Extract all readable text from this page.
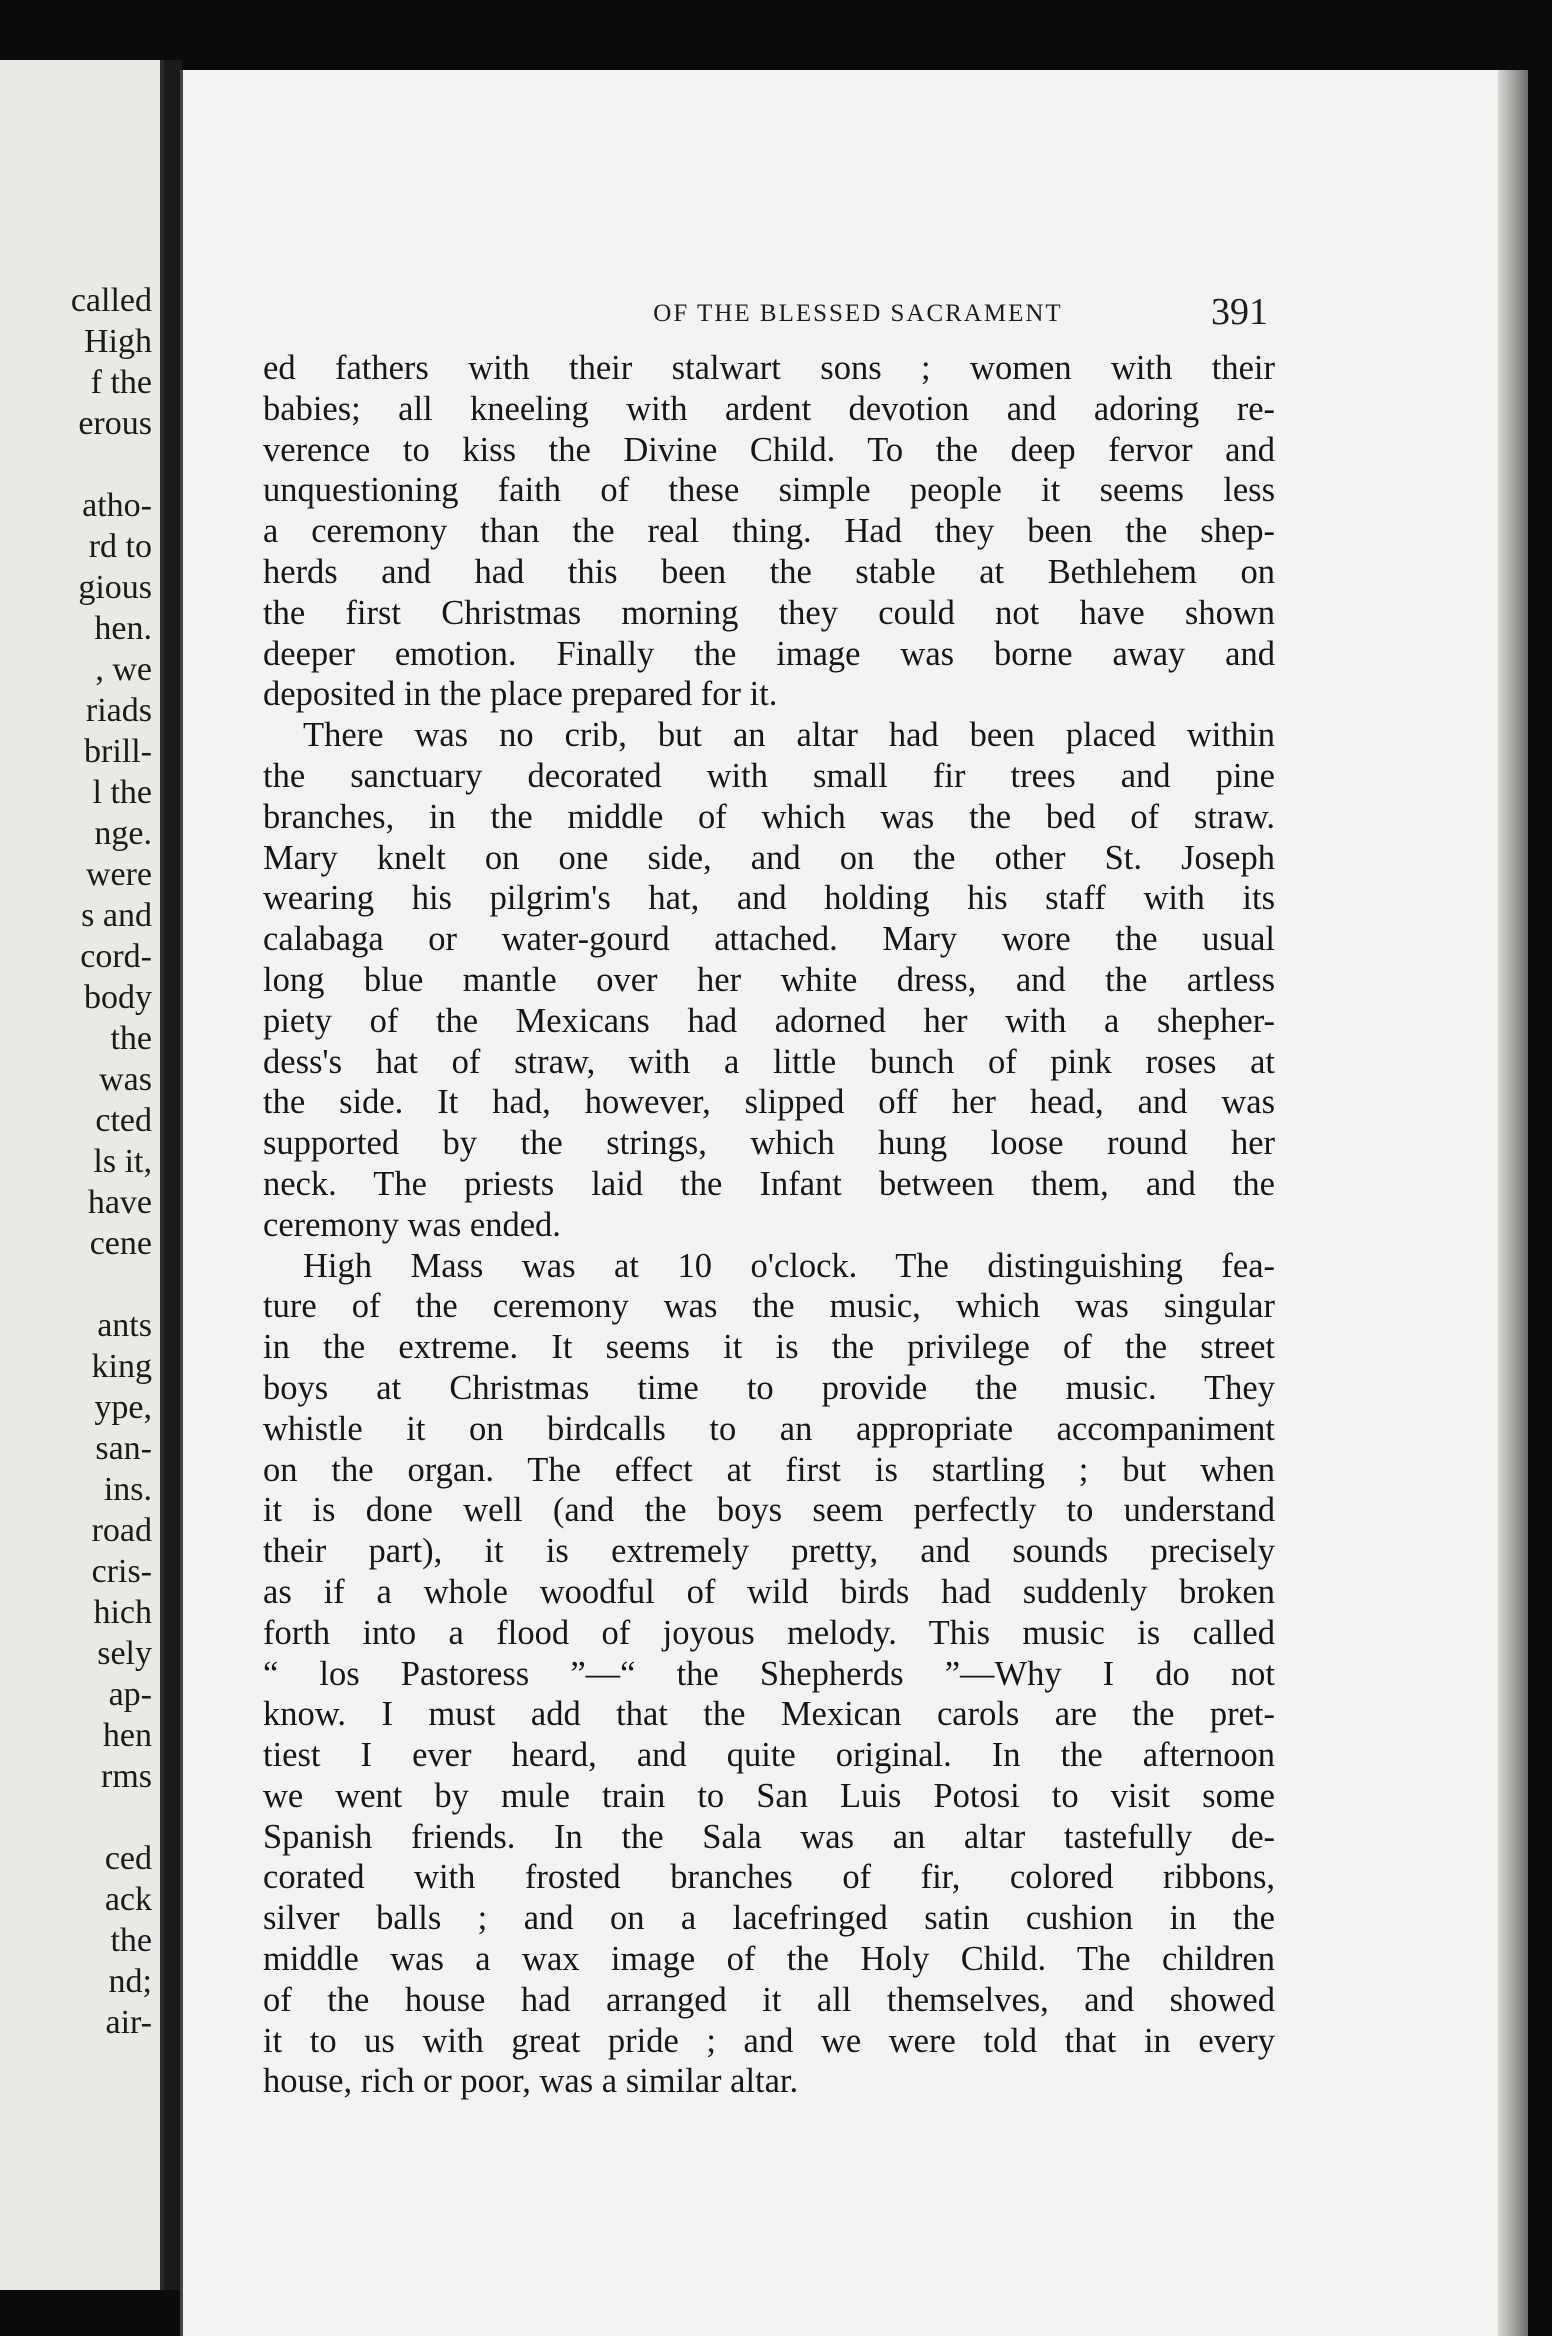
called
High
f the
erous
atho-
rd to
gious
hen.
, we
riads
brill-
l the
nge.
were
s and
cord-
body
the
was
cted
ls it,
have
cene
ants
king
ype,
san-
ins.
road
cris-
hich
sely
ap-
hen
rms
ced
ack
the
nd;
air-
OF THE BLESSED SACRAMENT	391
ed fathers with their stalwart sons ; women with their
babies; all kneeling with ardent devotion and adoring re-
verence to kiss the Divine Child. To the deep fervor and
unquestioning faith of these simple people it seems less
a ceremony than the real thing. Had they been the shep-
herds and had this been the stable at Bethlehem on
the first Christmas morning they could not have shown
deeper emotion. Finally the image was borne away and
deposited in the place prepared for it.
There was no crib, but an altar had been placed within
the sanctuary decorated with small fir trees and pine
branches, in the middle of which was the bed of straw.
Mary knelt on one side, and on the other St. Joseph
wearing his pilgrim's hat, and holding his staff with its
calabaga or water-gourd attached. Mary wore the usual
long blue mantle over her white dress, and the artless
piety of the Mexicans had adorned her with a shepher-
dess's hat of straw, with a little bunch of pink roses at
the side. It had, however, slipped off her head, and was
supported by the strings, which hung loose round her
neck. The priests laid the Infant between them, and the
ceremony was ended.
High Mass was at 10 o'clock. The distinguishing fea-
ture of the ceremony was the music, which was singular
in the extreme. It seems it is the privilege of the street
boys at Christmas time to provide the music. They
whistle it on birdcalls to an appropriate accompaniment
on the organ. The effect at first is startling ; but when
it is done well (and the boys seem perfectly to understand
their part), it is extremely pretty, and sounds precisely
as if a whole woodful of wild birds had suddenly broken
forth into a flood of joyous melody. This music is called
“ los Pastoress ”—“ the Shepherds ”—Why I do not
know. I must add that the Mexican carols are the pret-
tiest I ever heard, and quite original. In the afternoon
we went by mule train to San Luis Potosi to visit some
Spanish friends. In the Sala was an altar tastefully de-
corated with frosted branches of fir, colored ribbons,
silver balls ; and on a lacefringed satin cushion in the
middle was a wax image of the Holy Child. The children
of the house had arranged it all themselves, and showed
it to us with great pride ; and we were told that in every
house, rich or poor, was a similar altar.
